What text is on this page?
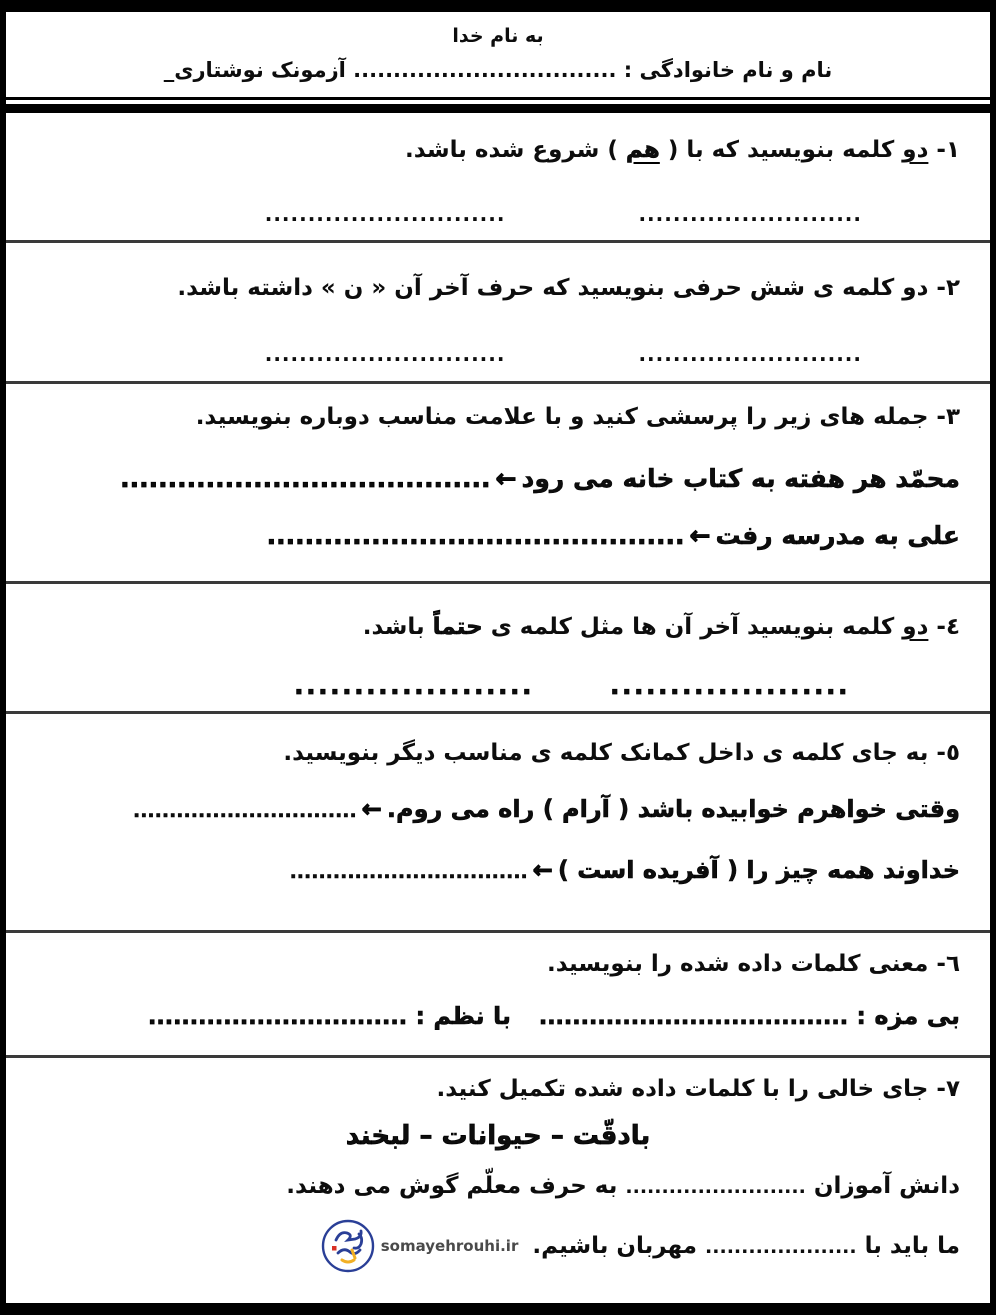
به نام خدا
نام و نام خانوادگی : ................................. آزمونک نوشتاری_

١- دو کلمه بنویسید که با ( هم ) شروع شده باشد.

..........................
............................

٢- دو کلمه ی شش حرفی بنویسید که حرف آخر آن « ن » داشته باشد.

..........................
............................

٣- جمله های زیر را پرسشی کنید و با علامت مناسب دوباره بنویسید.

محمّد هر هفته به کتاب خانه می رود←.......................................

علی به مدرسه رفت←............................................

٤- دو کلمه بنویسید آخر آن ها مثل کلمه ی حتماً باشد.

....................
....................

٥- به جای کلمه ی داخل کمانک کلمه ی مناسب دیگر بنویسید.

وقتی خواهرم خوابیده باشد ( آرام ) راه می روم.←...............................

خداوند همه چیز را ( آفریده است )←.................................

٦- معنی کلمات داده شده را بنویسید.

بی مزه : .....................................
با نظم : ...............................

٧- جای خالی را با کلمات داده شده تکمیل کنید.

بادقّت – حیوانات – لبخند

دانش آموزان ......................... به حرف معلّم گوش می دهند.

ما باید با ..................... مهربان باشیم.
somayehrouhi.ir
